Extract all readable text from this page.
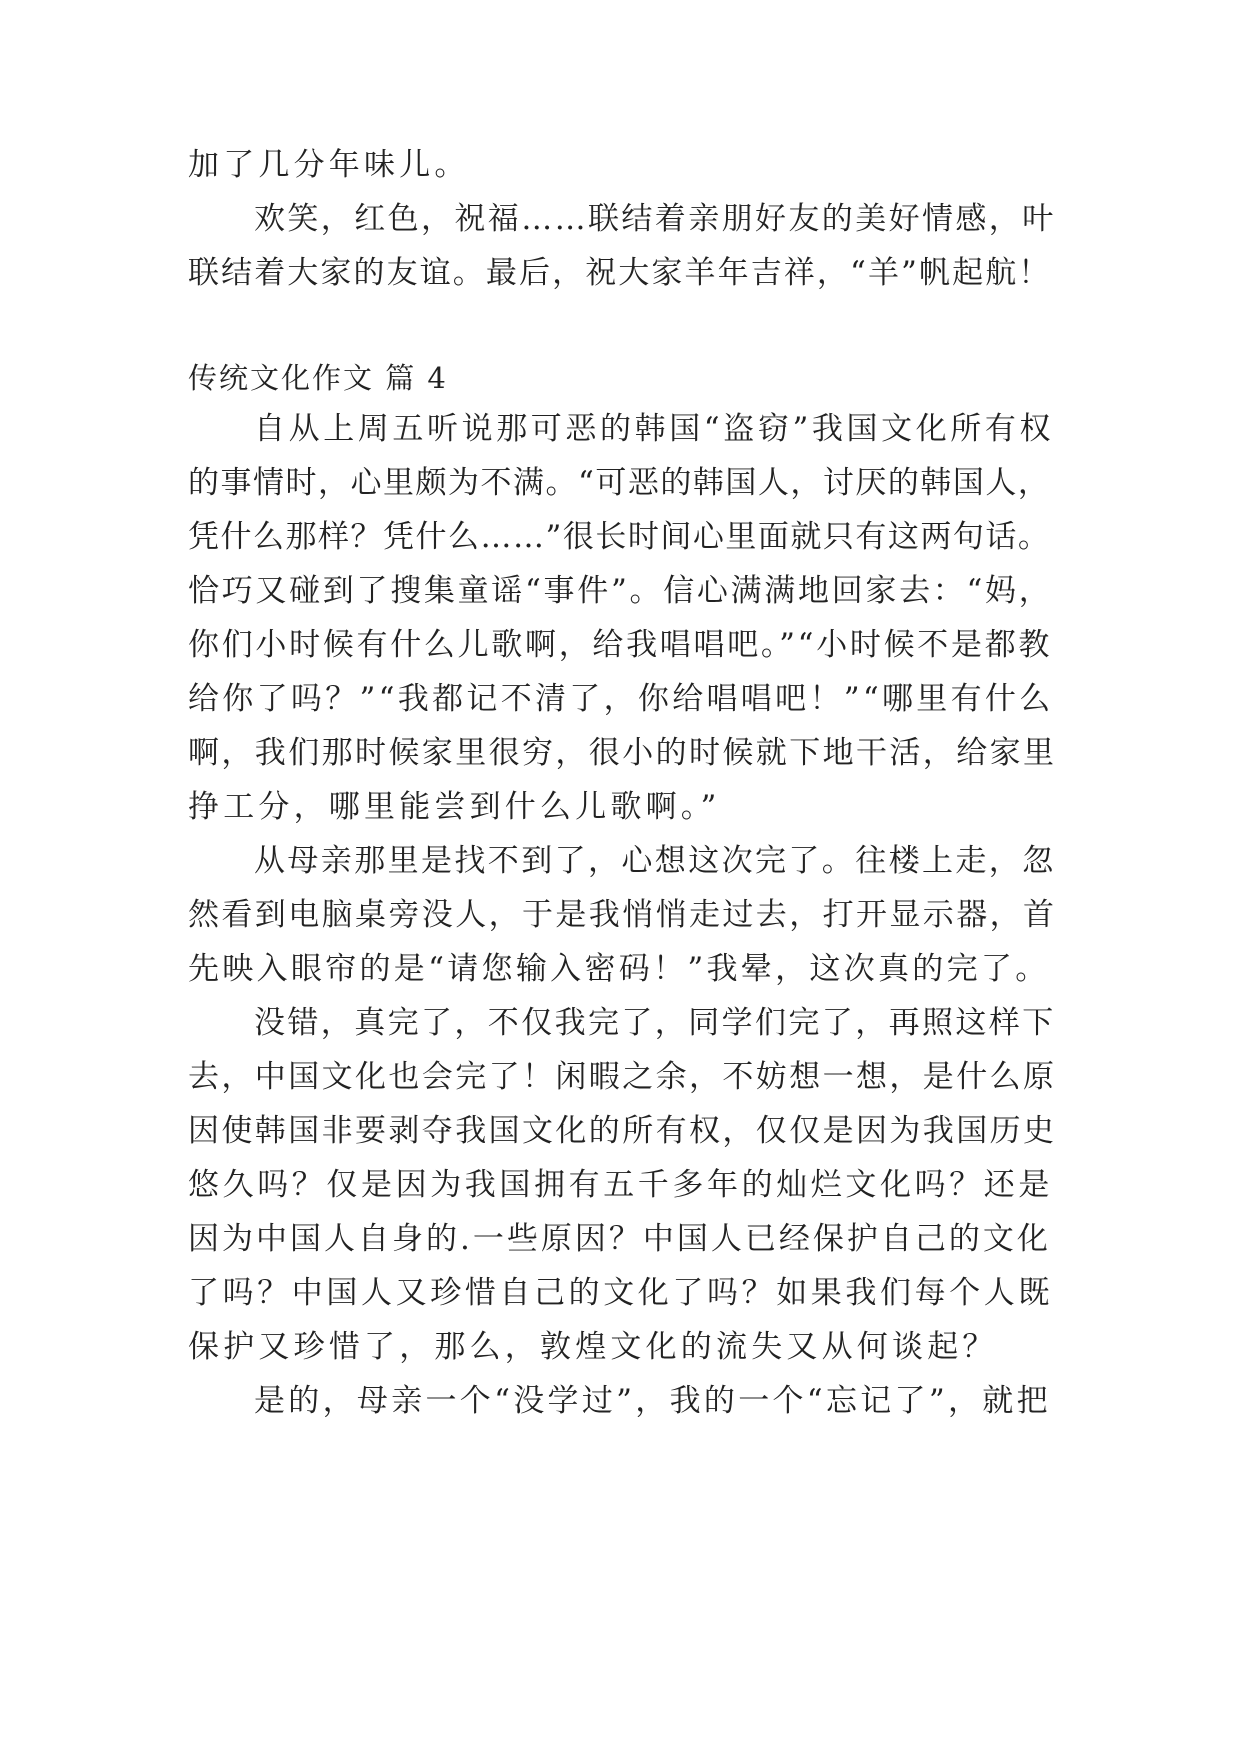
加了几分年味儿。
欢笑，红色，祝福……联结着亲朋好友的美好情感，叶
联结着大家的友谊。最后，祝大家羊年吉祥，“羊”帆起航！
传统文化作文 篇 4
自从上周五听说那可恶的韩国“盗窃”我国文化所有权
的事情时，心里颇为不满。“可恶的韩国人，讨厌的韩国人，
凭什么那样？凭什么……”很长时间心里面就只有这两句话。
恰巧又碰到了搜集童谣“事件”。信心满满地回家去：“妈，
你们小时候有什么儿歌啊，给我唱唱吧。”“小时候不是都教
给你了吗？”“我都记不清了，你给唱唱吧！”“哪里有什么
啊，我们那时候家里很穷，很小的时候就下地干活，给家里
挣工分，哪里能尝到什么儿歌啊。”
从母亲那里是找不到了，心想这次完了。往楼上走，忽
然看到电脑桌旁没人，于是我悄悄走过去，打开显示器，首
先映入眼帘的是“请您输入密码！”我晕，这次真的完了。
没错，真完了，不仅我完了，同学们完了，再照这样下
去，中国文化也会完了！闲暇之余，不妨想一想，是什么原
因使韩国非要剥夺我国文化的所有权，仅仅是因为我国历史
悠久吗？仅是因为我国拥有五千多年的灿烂文化吗？还是
因为中国人自身的.一些原因？中国人已经保护自己的文化
了吗？中国人又珍惜自己的文化了吗？如果我们每个人既
保护又珍惜了，那么，敦煌文化的流失又从何谈起？
是的，母亲一个“没学过”，我的一个“忘记了”，就把
